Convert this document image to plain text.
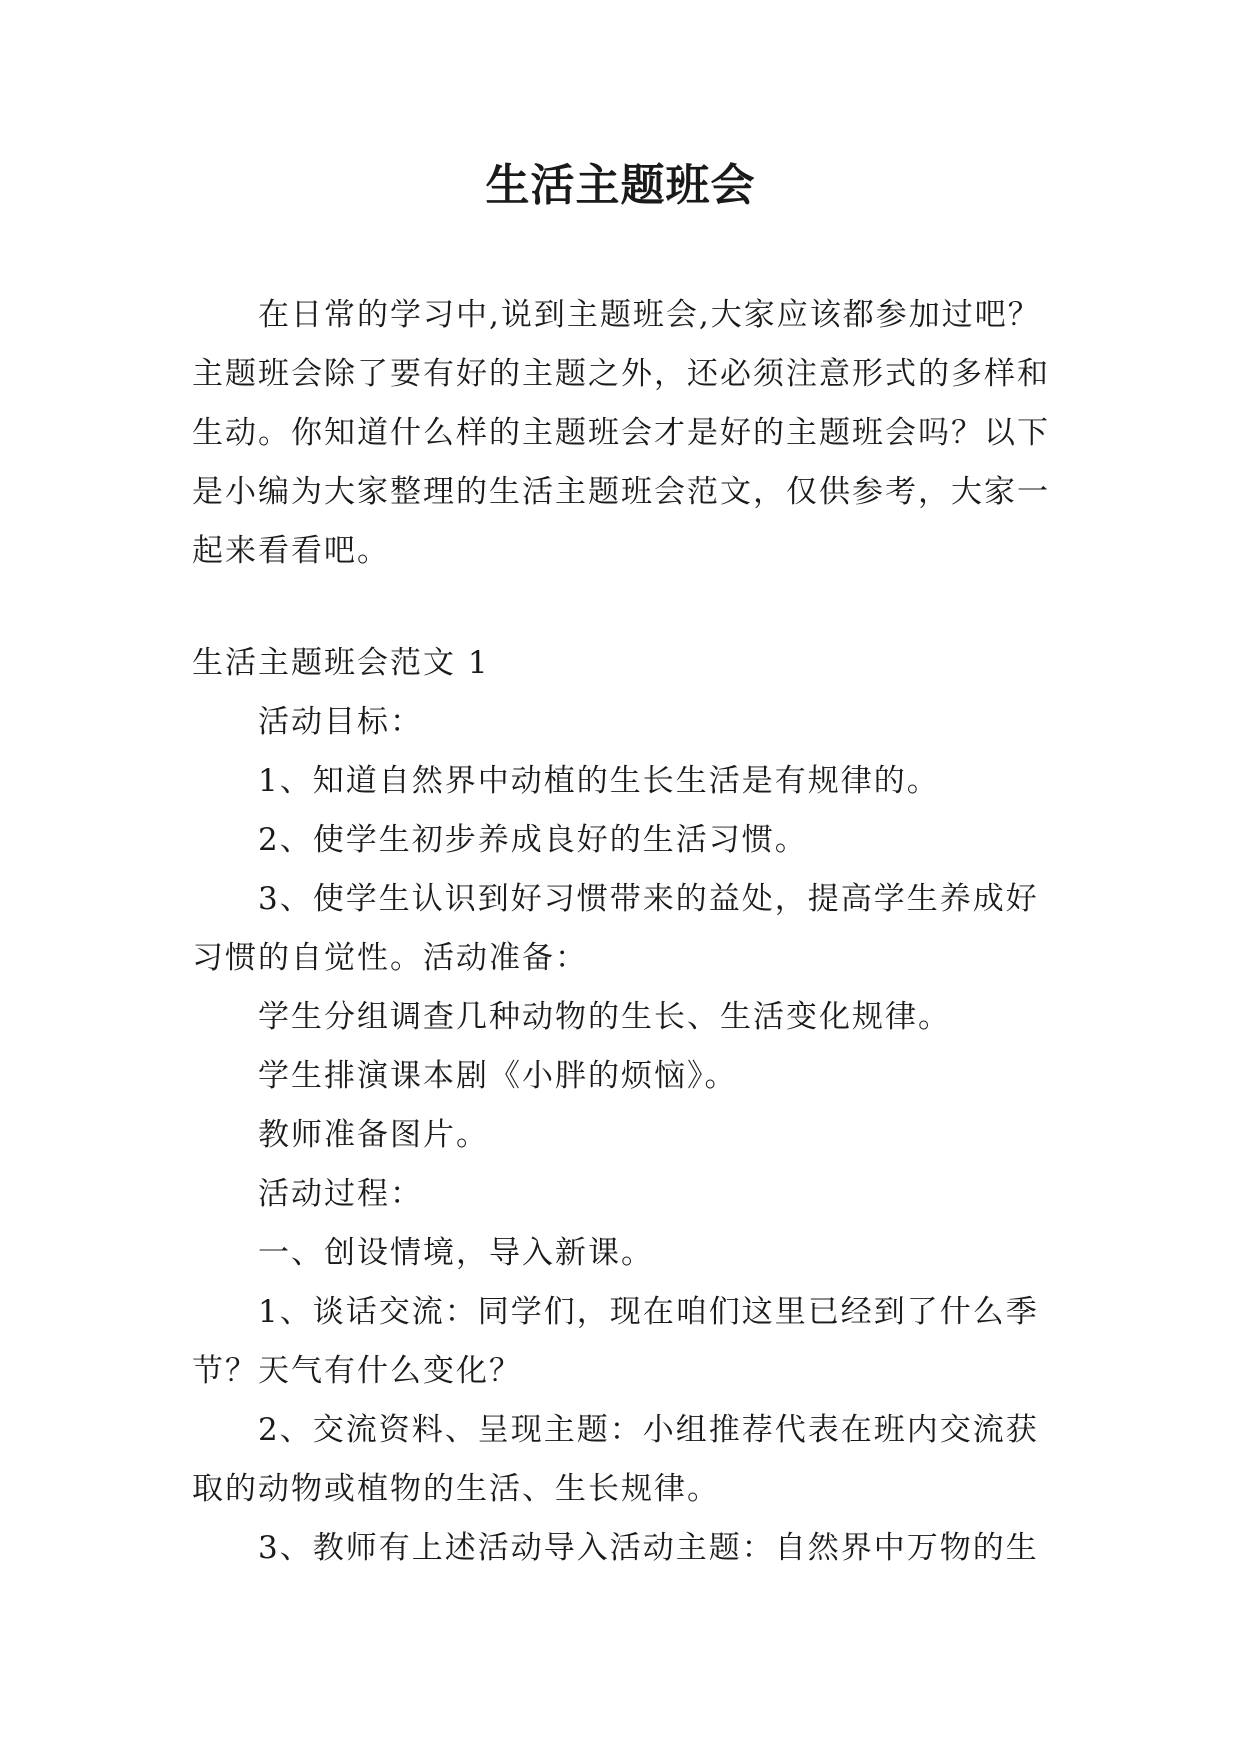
生活主题班会

在日常的学习中,说到主题班会,大家应该都参加过吧？主题班会除了要有好的主题之外，还必须注意形式的多样和生动。你知道什么样的主题班会才是好的主题班会吗？以下是小编为大家整理的生活主题班会范文，仅供参考，大家一起来看看吧。

生活主题班会范文 1

活动目标：

1、知道自然界中动植的生长生活是有规律的。

2、使学生初步养成良好的生活习惯。

3、使学生认识到好习惯带来的益处，提高学生养成好习惯的自觉性。活动准备：

学生分组调查几种动物的生长、生活变化规律。

学生排演课本剧《小胖的烦恼》。

教师准备图片。

活动过程：

一、创设情境，导入新课。

1、谈话交流：同学们，现在咱们这里已经到了什么季节？天气有什么变化？

2、交流资料、呈现主题：小组推荐代表在班内交流获取的动物或植物的生活、生长规律。

3、教师有上述活动导入活动主题：自然界中万物的生
